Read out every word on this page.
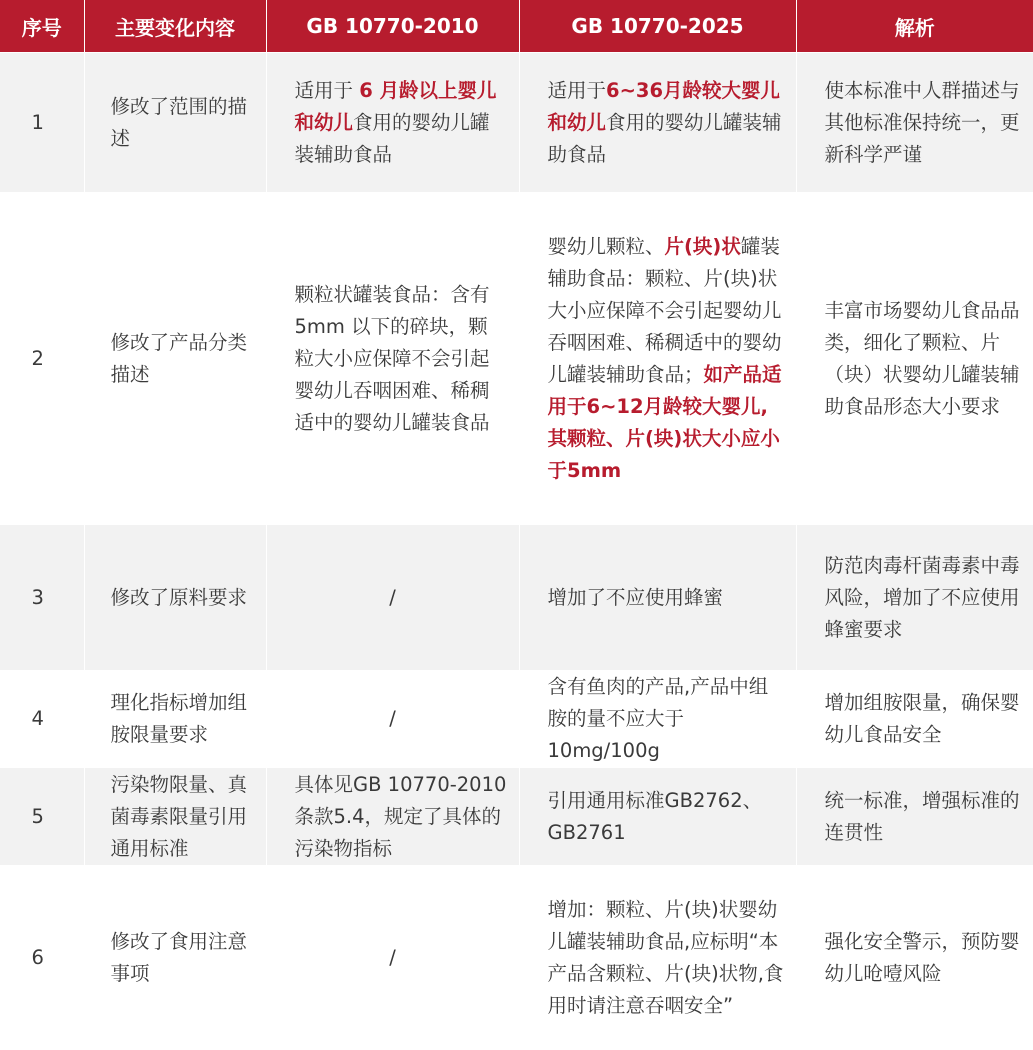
序号	主要变化内容	GB 10770-2010	GB 10770-2025	解析
1	修改了范围的描述	适用于 6 月龄以上婴儿和幼儿食用的婴幼儿罐装辅助食品	适用于6~36月龄较大婴儿和幼儿食用的婴幼儿罐装辅助食品	使本标准中人群描述与其他标准保持统一，更新科学严谨
2	修改了产品分类描述	颗粒状罐装食品：含有 5mm 以下的碎块，颗粒大小应保障不会引起婴幼儿吞咽困难、稀稠适中的婴幼儿罐装食品	婴幼儿颗粒、片(块)状罐装辅助食品：颗粒、片(块)状大小应保障不会引起婴幼儿吞咽困难、稀稠适中的婴幼儿罐装辅助食品；如产品适用于6~12月龄较大婴儿,其颗粒、片(块)状大小应小于5mm	丰富市场婴幼儿食品品类，细化了颗粒、片（块）状婴幼儿罐装辅助食品形态大小要求
3	修改了原料要求	/	增加了不应使用蜂蜜	防范肉毒杆菌毒素中毒风险，增加了不应使用蜂蜜要求
4	理化指标增加组胺限量要求	/	含有鱼肉的产品,产品中组胺的量不应大于10mg/100g	增加组胺限量，确保婴幼儿食品安全
5	污染物限量、真菌毒素限量引用通用标准	具体见GB 10770-2010条款5.4，规定了具体的污染物指标	引用通用标准GB2762、GB2761	统一标准，增强标准的连贯性
6	修改了食用注意事项	/	增加：颗粒、片(块)状婴幼儿罐装辅助食品,应标明“本产品含颗粒、片(块)状物,食用时请注意吞咽安全”	强化安全警示，预防婴幼儿呛噎风险
